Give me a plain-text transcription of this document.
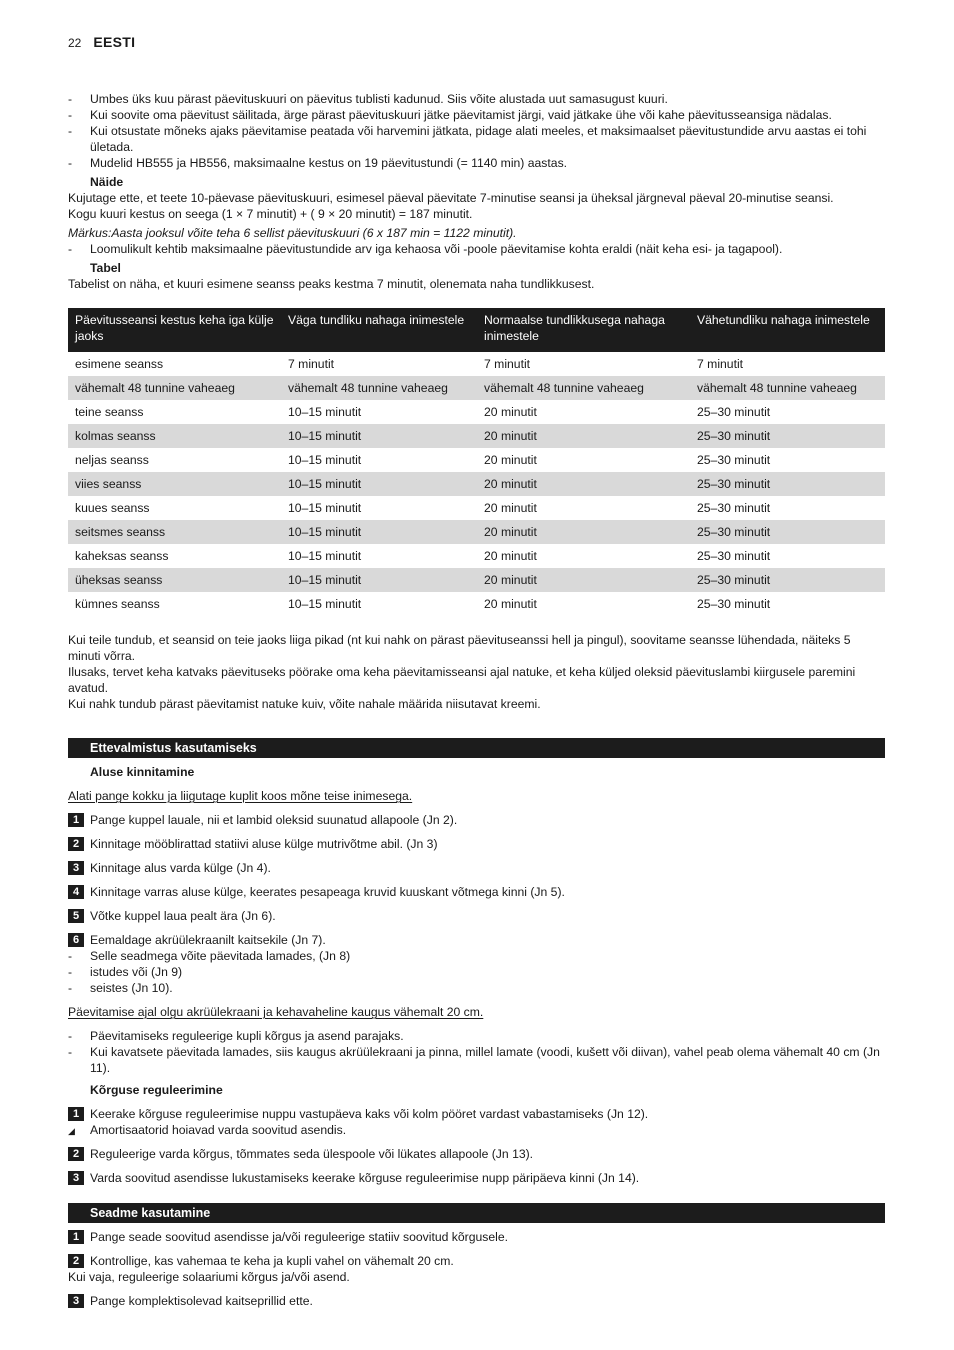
22 EESTI
- Umbes üks kuu pärast päevituskuuri on päevitus tublisti kadunud. Siis võite alustada uut samasugust kuuri.
- Kui soovite oma päevitust säilitada, ärge pärast päevituskuuri jätke päevitamist järgi, vaid jätkake ühe või kahe päevitusseansiga nädalas.
- Kui otsustate mõneks ajaks päevitamise peatada või harvemini jätkata, pidage alati meeles, et maksimaalset päevitustundide arvu aastas ei tohi ületada.
- Mudelid HB555 ja HB556, maksimaalne kestus on 19 päevitustundi (= 1140 min) aastas.
Näide
Kujutage ette, et teete 10-päevase päevituskuuri, esimesel päeval päevitate 7-minutise seansi ja üheksal järgneval päeval 20-minutise seansi.
Kogu kuuri kestus on seega (1 × 7 minutit) + ( 9 × 20 minutit) = 187 minutit.
Märkus:Aasta jooksul võite teha 6 sellist päevituskuuri (6 x 187 min = 1122 minutit).
- Loomulikult kehtib maksimaalne päevitustundide arv iga kehaosa või -poole päevitamise kohta eraldi (näit keha esi- ja tagapool).
Tabel
Tabelist on näha, et kuuri esimene seanss peaks kestma 7 minutit, olenemata naha tundlikkusest.
Päevitusseansi kestus keha iga külje jaoks	Väga tundliku nahaga inimestele	Normaalse tundlikkusega nahaga inimestele	Vähetundliku nahaga inimestele
esimene seanss	7 minutit	7 minutit	7 minutit
vähemalt 48 tunnine vaheaeg	vähemalt 48 tunnine vaheaeg	vähemalt 48 tunnine vaheaeg	vähemalt 48 tunnine vaheaeg
teine seanss	10–15 minutit	20 minutit	25–30 minutit
kolmas seanss	10–15 minutit	20 minutit	25–30 minutit
neljas seanss	10–15 minutit	20 minutit	25–30 minutit
viies seanss	10–15 minutit	20 minutit	25–30 minutit
kuues seanss	10–15 minutit	20 minutit	25–30 minutit
seitsmes seanss	10–15 minutit	20 minutit	25–30 minutit
kaheksas seanss	10–15 minutit	20 minutit	25–30 minutit
üheksas seanss	10–15 minutit	20 minutit	25–30 minutit
kümnes seanss	10–15 minutit	20 minutit	25–30 minutit
Kui teile tundub, et seansid on teie jaoks liiga pikad (nt kui nahk on pärast päevituseanssi hell ja pingul), soovitame seansse lühendada, näiteks 5 minuti võrra.
Ilusaks, tervet keha katvaks päevituseks pöörake oma keha päevitamisseansi ajal natuke, et keha küljed oleksid päevituslambi kiirgusele paremini avatud.
Kui nahk tundub pärast päevitamist natuke kuiv, võite nahale määrida niisutavat kreemi.
Ettevalmistus kasutamiseks
Aluse kinnitamine
Alati pange kokku ja liigutage kuplit koos mõne teise inimesega.
1 Pange kuppel lauale, nii et lambid oleksid suunatud allapoole (Jn 2).
2 Kinnitage mööblirattad statiivi aluse külge mutrivõtme abil. (Jn 3)
3 Kinnitage alus varda külge (Jn 4).
4 Kinnitage varras aluse külge, keerates pesapeaga kruvid kuuskant võtmega kinni (Jn 5).
5 Võtke kuppel laua pealt ära (Jn 6).
6 Eemaldage akrüülekraanilt kaitsekile (Jn 7).
- Selle seadmega võite päevitada lamades, (Jn 8)
- istudes või (Jn 9)
- seistes (Jn 10).
Päevitamise ajal olgu akrüülekraani ja kehavaheline kaugus vähemalt 20 cm.
- Päevitamiseks reguleerige kupli kõrgus ja asend parajaks.
- Kui kavatsete päevitada lamades, siis kaugus akrüülekraani ja pinna, millel lamate (voodi, kušett või diivan), vahel peab olema vähemalt 40 cm (Jn 11).
Kõrguse reguleerimine
1 Keerake kõrguse reguleerimise nuppu vastupäeva kaks või kolm pööret vardast vabastamiseks (Jn 12).
◢ Amortisaatorid hoiavad varda soovitud asendis.
2 Reguleerige varda kõrgus, tõmmates seda ülespoole või lükates allapoole (Jn 13).
3 Varda soovitud asendisse lukustamiseks keerake kõrguse reguleerimise nupp päripäeva kinni (Jn 14).
Seadme kasutamine
1 Pange seade soovitud asendisse ja/või reguleerige statiiv soovitud kõrgusele.
2 Kontrollige, kas vahemaa te keha ja kupli vahel on vähemalt 20 cm.
Kui vaja, reguleerige solaariumi kõrgus ja/või asend.
3 Pange komplektisolevad kaitseprillid ette.
